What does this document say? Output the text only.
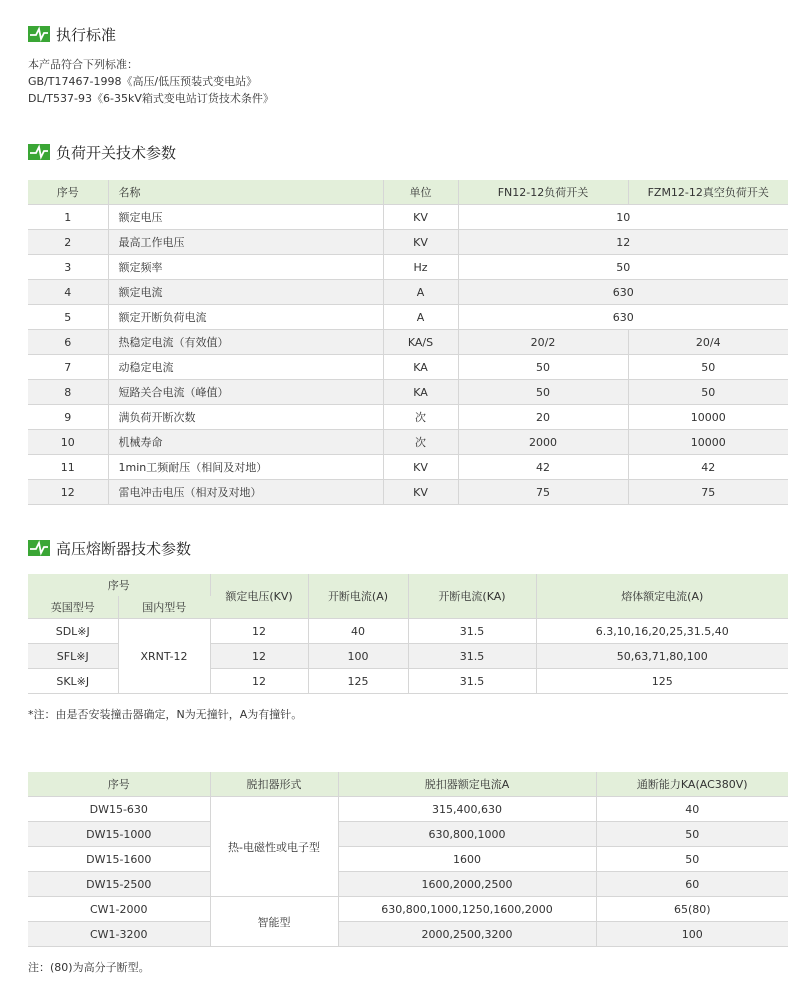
执行标准
本产品符合下列标准：
GB/T17467-1998《高压/低压预装式变电站》
DL/T537-93《6-35kV箱式变电站订货技术条件》
负荷开关技术参数
序号	名称	单位	FN12-12负荷开关	FZM12-12真空负荷开关
1	额定电压	KV	10	
2	最高工作电压	KV	12	
3	额定频率	Hz	50	
4	额定电流	A	630	
5	额定开断负荷电流	A	630	
6	热稳定电流（有效值）	KA/S	20/2	20/4
7	动稳定电流	KA	50	50
8	短路关合电流（峰值）	KA	50	50
9	满负荷开断次数	次	20	10000
10	机械寿命	次	2000	10000
11	1min工频耐压（相间及对地）	KV	42	42
12	雷电冲击电压（相对及对地）	KV	75	75
高压熔断器技术参数
序号		额定电压(KV)	开断电流(A)	开断电流(KA)	熔体额定电流(A)
英国型号	国内型号				
SDL※J	XRNT-12	12	40	31.5	6.3,10,16,20,25,31.5,40
SFL※J		12	100	31.5	50,63,71,80,100
SKL※J		12	125	31.5	125
*注：由是否安装撞击器确定，N为无撞针，A为有撞针。
序号	脱扣器形式	脱扣器额定电流A	通断能力KA(AC380V)
DW15-630	热-电磁性或电子型	315,400,630	40
DW15-1000		630,800,1000	50
DW15-1600		1600	50
DW15-2500		1600,2000,2500	60
CW1-2000	智能型	630,800,1000,1250,1600,2000	65(80)
CW1-3200		2000,2500,3200	100
注：(80)为高分子断型。
